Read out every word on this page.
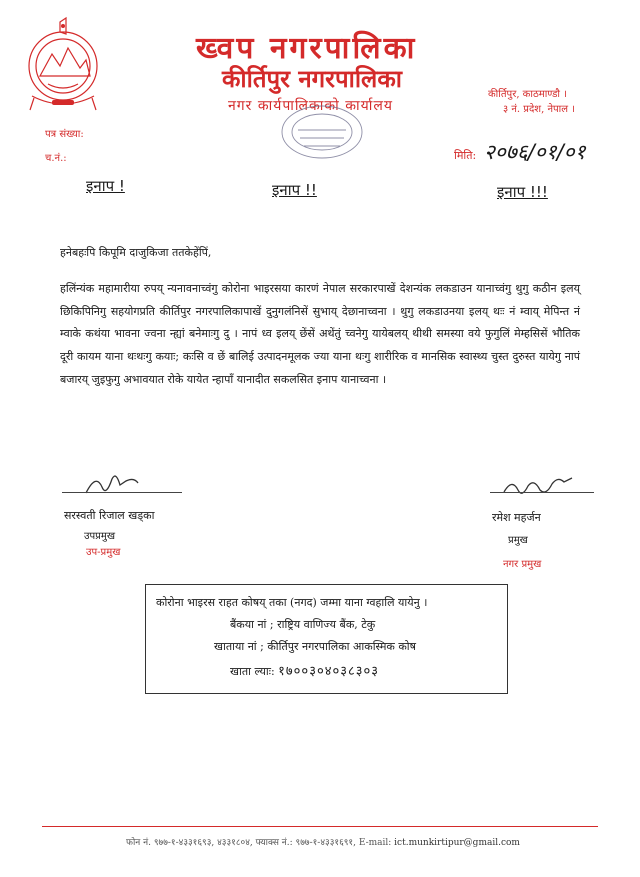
ख्वप नगरपालिका
कीर्तिपुर नगरपालिका
नगर कार्यपालिकाको कार्यालय
कीर्तिपुर, काठमाण्डौ ।
३ नं. प्रदेश, नेपाल ।
पत्र संख्या:
च.नं.:	मिति: २०७६/०१/०१
इनाप !	इनाप !!	इनाप !!!
हनेबहःपि किपूमि दाजुकिजा ततकेहेंपिं,
हलिंन्यंक महामारीया रुपय् न्यनावनाच्वंगु कोरोना भाइरसया कारणं नेपाल सरकारपाखें देशन्यंक लकडाउन यानाच्वंगु थुगु कठीन इलय् छिकिपिनिगु सहयोगप्रति कीर्तिपुर नगरपालिकापाखें दुनुगलंनिसें सुभाय् देछानाच्वना । थुगु लकडाउनया इलय् थःः नं म्वाय् मेपिन्त नं म्वाके कथंया भावना ज्वना न्ह्यां बनेमाःगु दु । नापं ध्व इलय् छेंसें अथेंतुं च्वनेगु यायेबलय् थीथी समस्या वये फुगुलिं मेम्हसिसें भौतिक दूरी कायम याना थःथःगु कयाः; कःसि व छें बालिई उत्पादनमूलक ज्या याना थःगु शारीरिक व मानसिक स्वास्थ्य चुस्त दुरुस्त यायेगु नापं बजारय् जुइफुगु अभावयात रोके यायेत न्हापाँ यानादीत सकलसित इनाप यानाच्वना ।
सरस्वती रिजाल खड्का
उपप्रमुख
उप-प्रमुख
रमेश महर्जन
प्रमुख
नगर प्रमुख
कोरोना भाइरस राहत कोषय् तका (नगद) जम्मा याना ग्वहालि यायेनु ।
बैंकया नां ; राष्ट्रिय वाणिज्य बैंक, टेकु
खाताया नां ; कीर्तिपुर नगरपालिका आकस्मिक कोष
खाता ल्याः: १७००३०४०३८३०३
फोन नं. ९७७-१-४३३१६९३, ४३३१८०४, फ्याक्स नं.: ९७७-१-४३३१६९१, E-mail: ict.munkirtipur@gmail.com
